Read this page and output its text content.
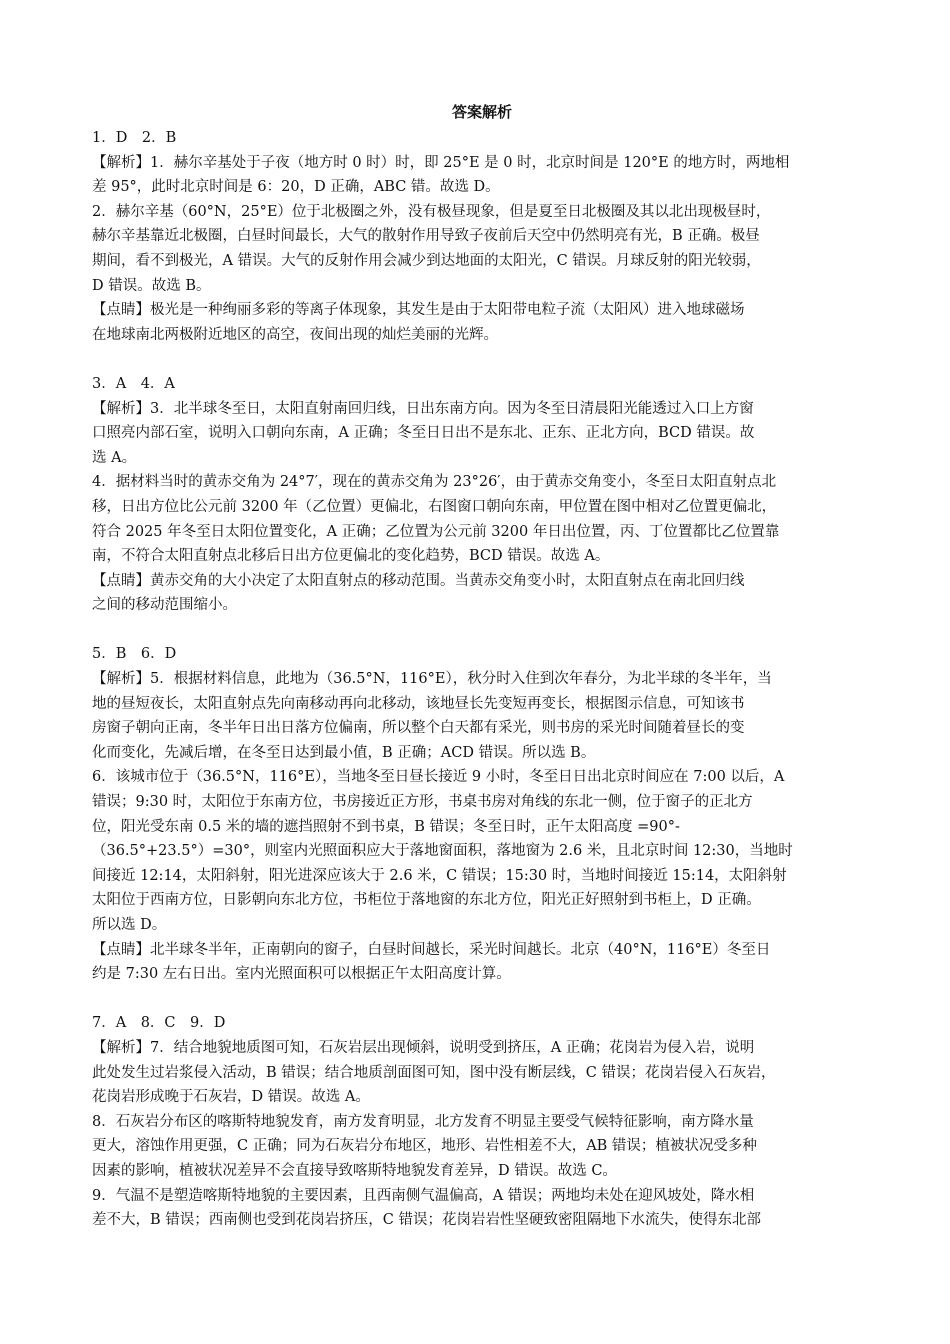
答案解析

1．D　2．B

【解析】1．赫尔辛基处于子夜（地方时 0 时）时，即 25°E 是 0 时，北京时间是 120°E 的地方时，两地相

差 95°，此时北京时间是 6：20，D 正确，ABC 错。故选 D。

2．赫尔辛基（60°N，25°E）位于北极圈之外，没有极昼现象，但是夏至日北极圈及其以北出现极昼时，

赫尔辛基靠近北极圈，白昼时间最长，大气的散射作用导致子夜前后天空中仍然明亮有光，B 正确。极昼

期间，看不到极光，A 错误。大气的反射作用会减少到达地面的太阳光，C 错误。月球反射的阳光较弱，

D 错误。故选 B。

【点睛】极光是一种绚丽多彩的等离子体现象，其发生是由于太阳带电粒子流（太阳风）进入地球磁场

在地球南北两极附近地区的高空，夜间出现的灿烂美丽的光辉。

3．A　4．A

【解析】3．北半球冬至日，太阳直射南回归线，日出东南方向。因为冬至日清晨阳光能透过入口上方窗

口照亮内部石室，说明入口朝向东南，A 正确；冬至日日出不是东北、正东、正北方向，BCD 错误。故

选 A。

4．据材料当时的黄赤交角为 24°7′，现在的黄赤交角为 23°26′，由于黄赤交角变小，冬至日太阳直射点北

移，日出方位比公元前 3200 年（乙位置）更偏北，右图窗口朝向东南，甲位置在图中相对乙位置更偏北，

符合 2025 年冬至日太阳位置变化，A 正确；乙位置为公元前 3200 年日出位置，丙、丁位置都比乙位置靠

南，不符合太阳直射点北移后日出方位更偏北的变化趋势，BCD 错误。故选 A。

【点睛】黄赤交角的大小决定了太阳直射点的移动范围。当黄赤交角变小时，太阳直射点在南北回归线

之间的移动范围缩小。

5．B　6．D

【解析】5．根据材料信息，此地为（36.5°N，116°E），秋分时入住到次年春分，为北半球的冬半年，当

地的昼短夜长，太阳直射点先向南移动再向北移动，该地昼长先变短再变长，根据图示信息，可知该书

房窗子朝向正南，冬半年日出日落方位偏南，所以整个白天都有采光，则书房的采光时间随着昼长的变

化而变化，先减后增，在冬至日达到最小值，B 正确；ACD 错误。所以选 B。

6．该城市位于（36.5°N，116°E），当地冬至日昼长接近 9 小时，冬至日日出北京时间应在 7:00 以后，A

错误；9:30 时，太阳位于东南方位，书房接近正方形，书桌书房对角线的东北一侧，位于窗子的正北方

位，阳光受东南 0.5 米的墙的遮挡照射不到书桌，B 错误；冬至日时，正午太阳高度 =90°-

（36.5°+23.5°）=30°，则室内光照面积应大于落地窗面积，落地窗为 2.6 米，且北京时间 12:30，当地时

间接近 12:14，太阳斜射，阳光进深应该大于 2.6 米，C 错误；15:30 时，当地时间接近 15:14，太阳斜射

太阳位于西南方位，日影朝向东北方位，书柜位于落地窗的东北方位，阳光正好照射到书柜上，D 正确。

所以选 D。

【点睛】北半球冬半年，正南朝向的窗子，白昼时间越长，采光时间越长。北京（40°N，116°E）冬至日

约是 7:30 左右日出。室内光照面积可以根据正午太阳高度计算。

7．A　8．C　9．D

【解析】7．结合地貌地质图可知，石灰岩层出现倾斜，说明受到挤压，A 正确；花岗岩为侵入岩，说明

此处发生过岩浆侵入活动，B 错误；结合地质剖面图可知，图中没有断层线，C 错误；花岗岩侵入石灰岩，

花岗岩形成晚于石灰岩，D 错误。故选 A。

8．石灰岩分布区的喀斯特地貌发育，南方发育明显，北方发育不明显主要受气候特征影响，南方降水量

更大，溶蚀作用更强，C 正确；同为石灰岩分布地区，地形、岩性相差不大，AB 错误；植被状况受多种

因素的影响，植被状况差异不会直接导致喀斯特地貌发育差异，D 错误。故选 C。

9．气温不是塑造喀斯特地貌的主要因素，且西南侧气温偏高，A 错误；两地均未处在迎风坡处，降水相

差不大，B 错误；西南侧也受到花岗岩挤压，C 错误；花岗岩岩性坚硬致密阻隔地下水流失，使得东北部
